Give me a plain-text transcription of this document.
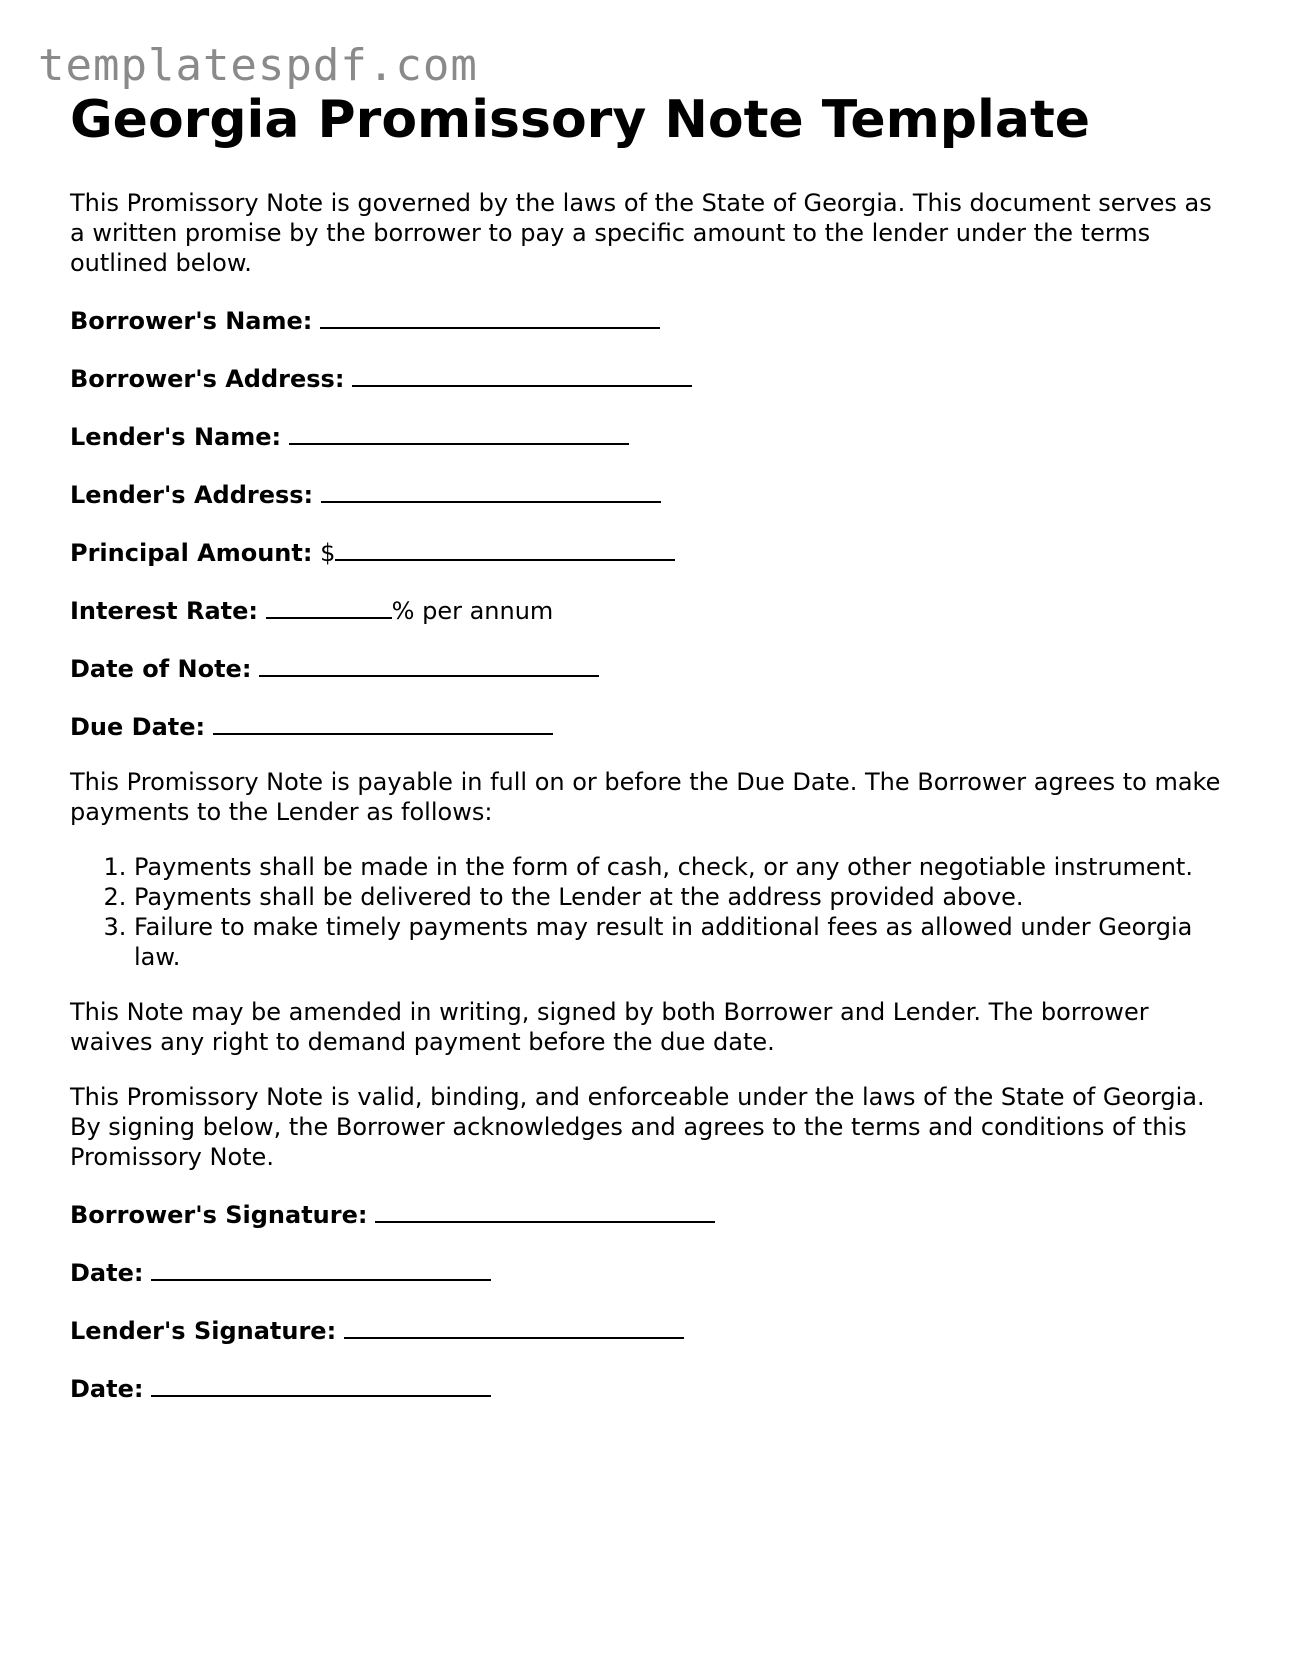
templatespdf.com
Georgia Promissory Note Template

This Promissory Note is governed by the laws of the State of Georgia. This document serves as a written promise by the borrower to pay a specific amount to the lender under the terms outlined below.

Borrower's Name:
Borrower's Address:
Lender's Name:
Lender's Address:
Principal Amount: $
Interest Rate:	% per annum
Date of Note:
Due Date:

This Promissory Note is payable in full on or before the Due Date. The Borrower agrees to make payments to the Lender as follows:

1. Payments shall be made in the form of cash, check, or any other negotiable instrument.
2. Payments shall be delivered to the Lender at the address provided above.
3. Failure to make timely payments may result in additional fees as allowed under Georgia law.

This Note may be amended in writing, signed by both Borrower and Lender. The borrower waives any right to demand payment before the due date.

This Promissory Note is valid, binding, and enforceable under the laws of the State of Georgia. By signing below, the Borrower acknowledges and agrees to the terms and conditions of this Promissory Note.

Borrower's Signature:
Date:
Lender's Signature:
Date:
